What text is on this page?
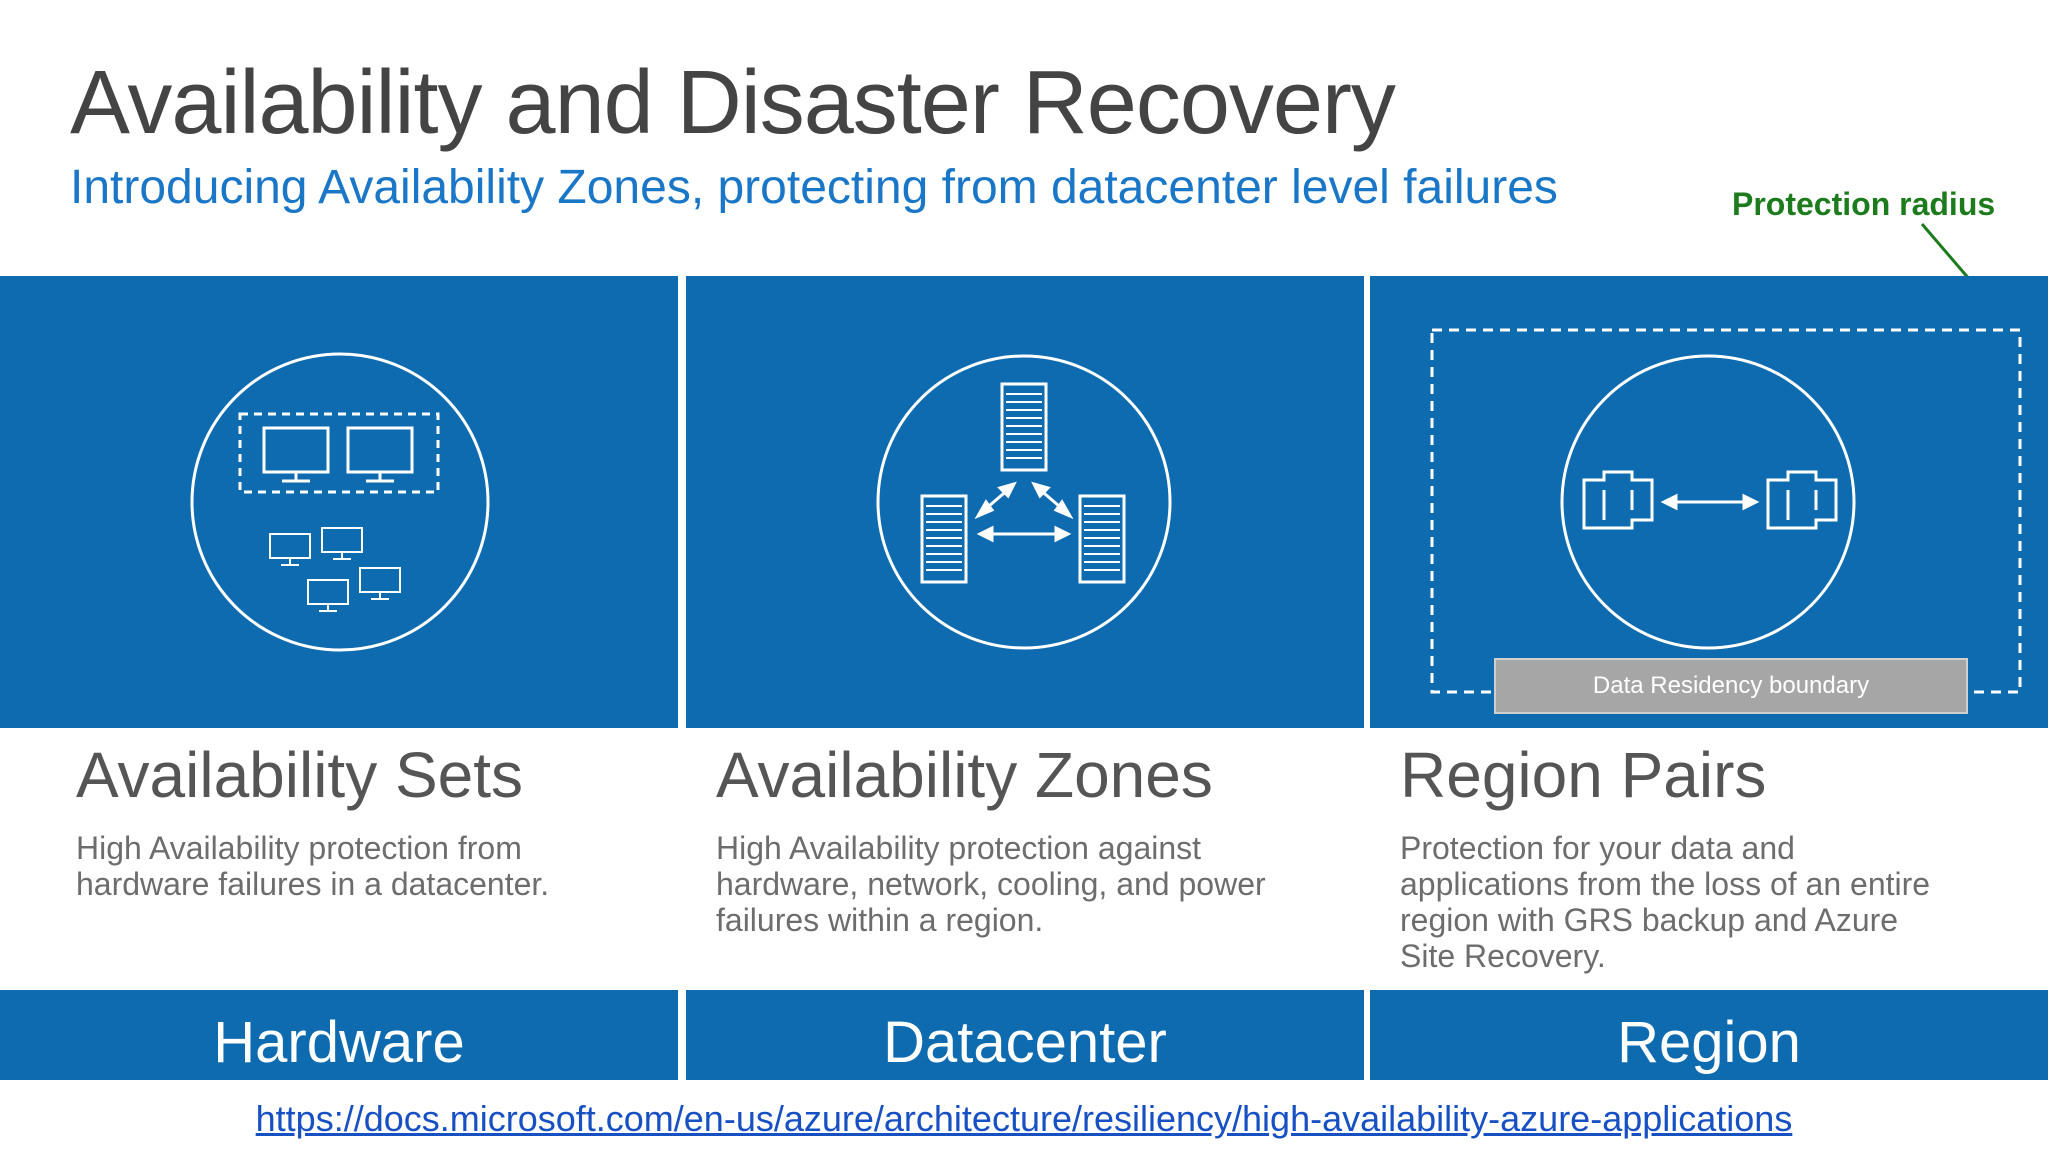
Availability and Disaster Recovery
Introducing Availability Zones, protecting from datacenter level failures	Protection radius
Data Residency boundary
Availability Sets
High Availability protection from hardware failures in a datacenter.
Availability Zones
High Availability protection against hardware, network, cooling, and power failures within a region.
Region Pairs
Protection for your data and applications from the loss of an entire region with GRS backup and Azure Site Recovery.
Hardware	Datacenter	Region
https://docs.microsoft.com/en-us/azure/architecture/resiliency/high-availability-azure-applications
